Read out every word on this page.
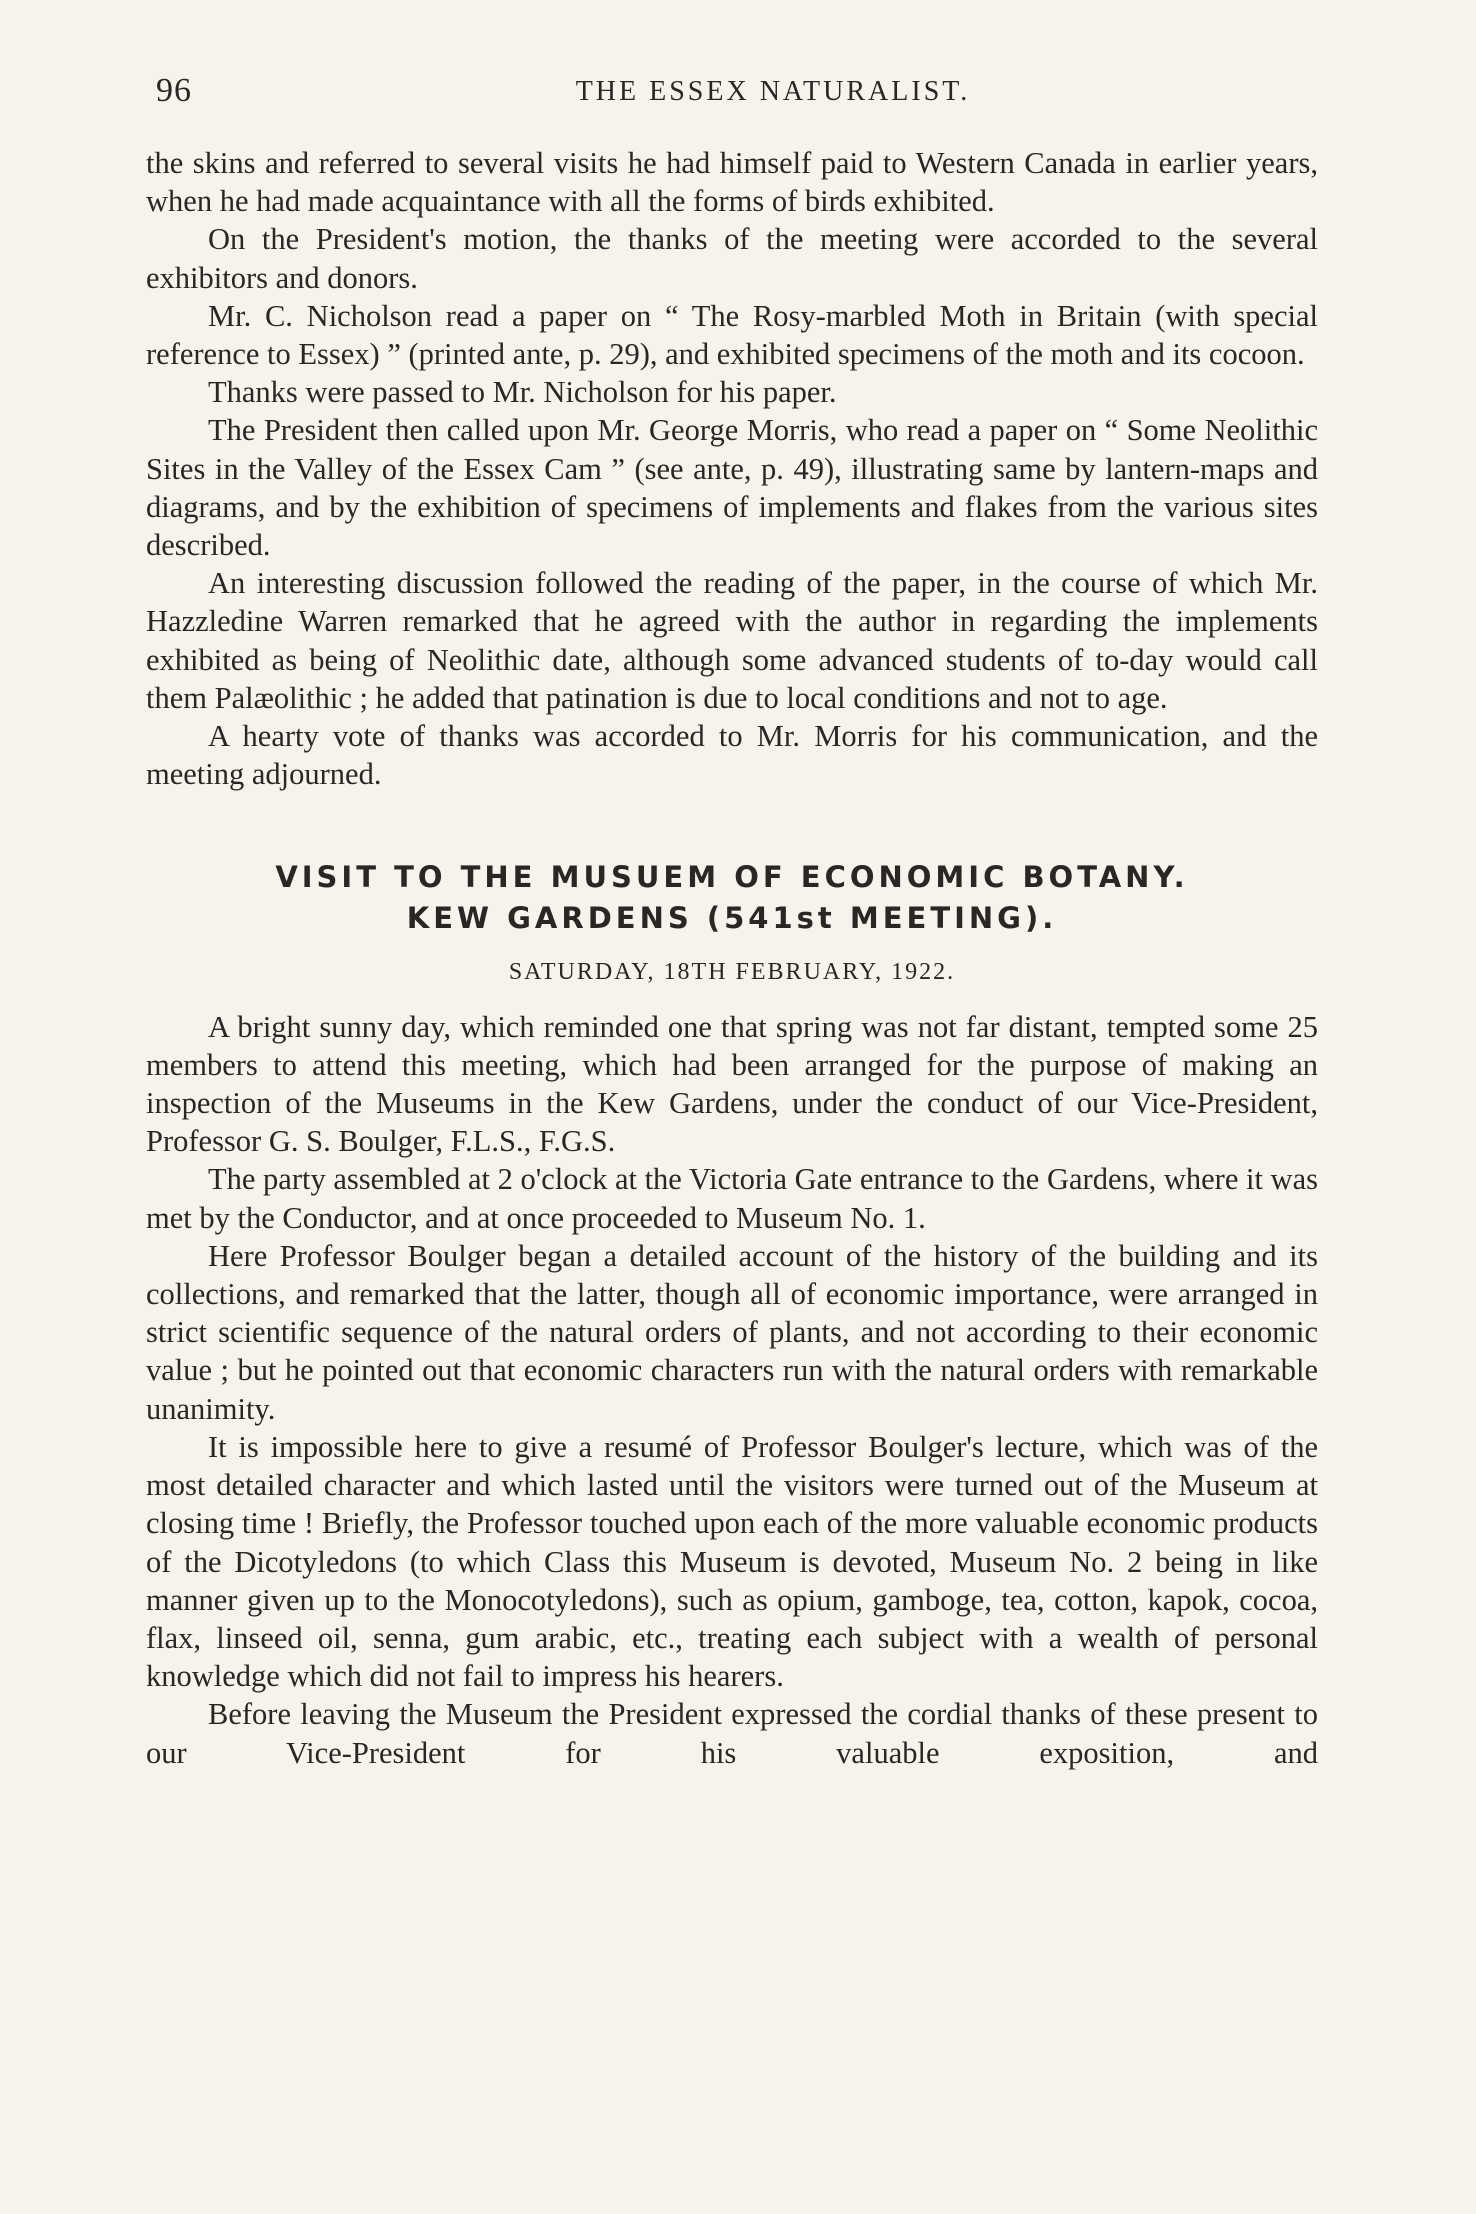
96	THE ESSEX NATURALIST.

the skins and referred to several visits he had himself paid to Western Canada in earlier years, when he had made acquaintance with all the forms of birds exhibited.

On the President's motion, the thanks of the meeting were accorded to the several exhibitors and donors.

Mr. C. Nicholson read a paper on “ The Rosy-marbled Moth in Britain (with special reference to Essex) ” (printed ante, p. 29), and exhibited specimens of the moth and its cocoon.

Thanks were passed to Mr. Nicholson for his paper.

The President then called upon Mr. George Morris, who read a paper on “ Some Neolithic Sites in the Valley of the Essex Cam ” (see ante, p. 49), illustrating same by lantern-maps and diagrams, and by the exhibition of specimens of implements and flakes from the various sites described.

An interesting discussion followed the reading of the paper, in the course of which Mr. Hazzledine Warren remarked that he agreed with the author in regarding the implements exhibited as being of Neolithic date, although some advanced students of to-day would call them Palæolithic ; he added that patination is due to local conditions and not to age.

A hearty vote of thanks was accorded to Mr. Morris for his communication, and the meeting adjourned.

VISIT TO THE MUSUEM OF ECONOMIC BOTANY.
KEW GARDENS (541st MEETING).
SATURDAY, 18TH FEBRUARY, 1922.

A bright sunny day, which reminded one that spring was not far distant, tempted some 25 members to attend this meeting, which had been arranged for the purpose of making an inspection of the Museums in the Kew Gardens, under the conduct of our Vice-President, Professor G. S. Boulger, F.L.S., F.G.S.

The party assembled at 2 o'clock at the Victoria Gate entrance to the Gardens, where it was met by the Conductor, and at once proceeded to Museum No. 1.

Here Professor Boulger began a detailed account of the history of the building and its collections, and remarked that the latter, though all of economic importance, were arranged in strict scientific sequence of the natural orders of plants, and not according to their economic value ; but he pointed out that economic characters run with the natural orders with remarkable unanimity.

It is impossible here to give a resumé of Professor Boulger's lecture, which was of the most detailed character and which lasted until the visitors were turned out of the Museum at closing time ! Briefly, the Professor touched upon each of the more valuable economic products of the Dicotyledons (to which Class this Museum is devoted, Museum No. 2 being in like manner given up to the Monocotyledons), such as opium, gamboge, tea, cotton, kapok, cocoa, flax, linseed oil, senna, gum arabic, etc., treating each subject with a wealth of personal knowledge which did not fail to impress his hearers.

Before leaving the Museum the President expressed the cordial thanks of these present to our Vice-President for his valuable exposition, and
